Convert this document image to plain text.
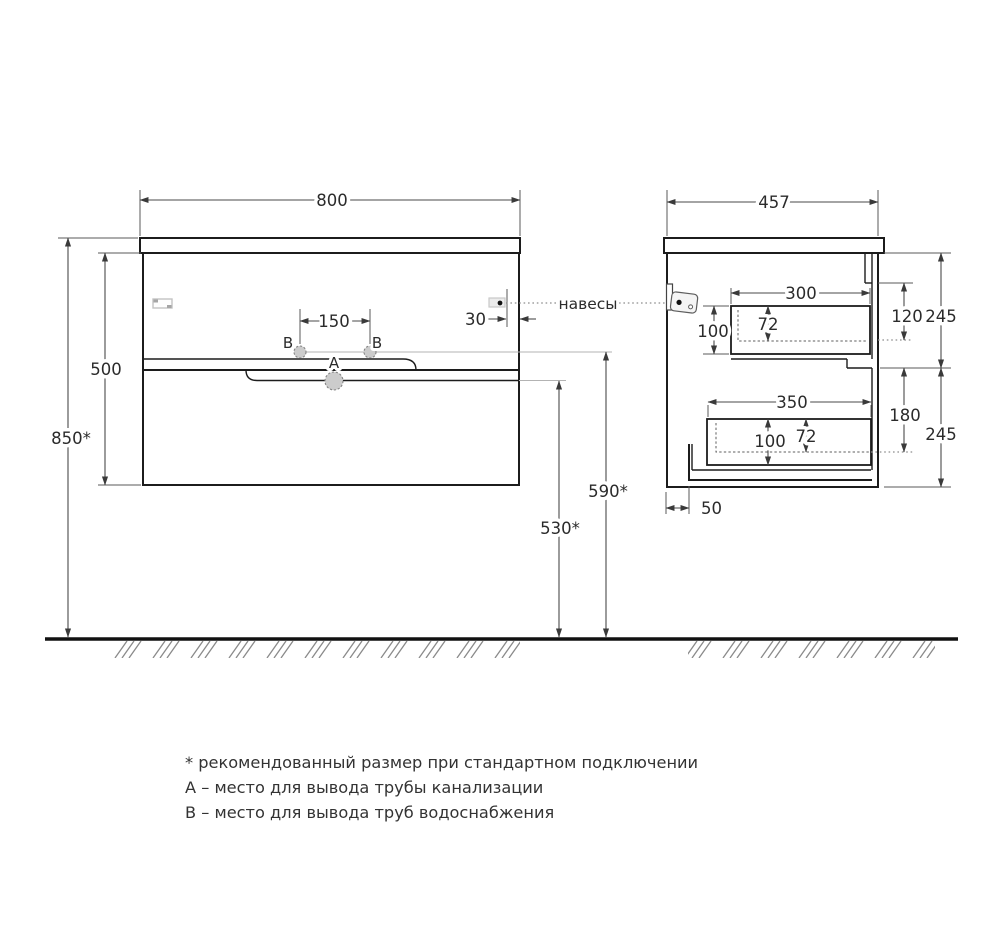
B	B
A
800
150	30
500
850*
590*
530*
навесы
457
300
100 72	120 245
350
100 72
180
245
50
* рекомендованный размер при стандартном подключении
А – место для вывода трубы канализации
В – место для вывода труб водоснабжения
